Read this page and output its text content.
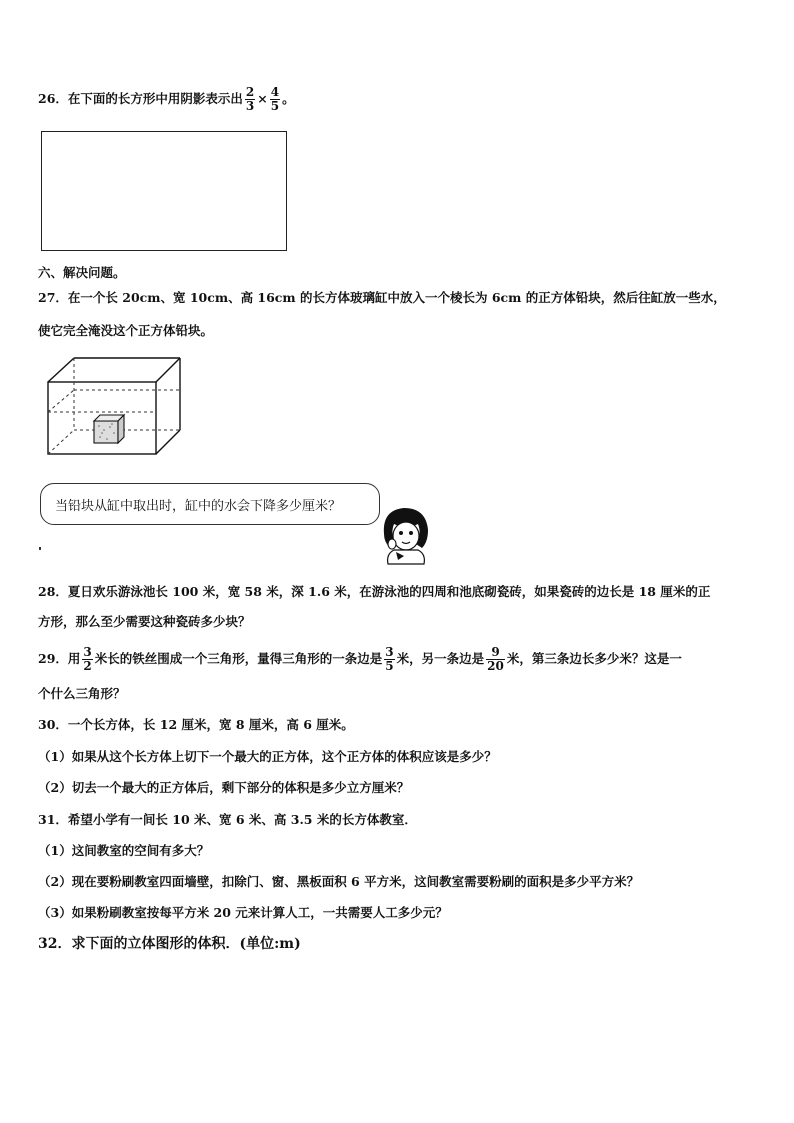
26．在下面的长方形中用阴影表示出 $\frac{2}{3} \times \frac{4}{5}$ 。
六、解决问题。
27．在一个长 20cm、宽 10cm、高 16cm 的长方体玻璃缸中放入一个棱长为 6cm 的正方体铅块，然后往缸放一些水，
使它完全淹没这个正方体铅块。
当铅块从缸中取出时，缸中的水会下降多少厘米？
28．夏日欢乐游泳池长 100 米，宽 58 米，深 1.6 米，在游泳池的四周和池底砌瓷砖，如果瓷砖的边长是 18 厘米的正
方形，那么至少需要这种瓷砖多少块？
29．用 $\frac{3}{2}$ 米长的铁丝围成一个三角形，量得三角形的一条边是 $\frac{3}{5}$ 米，另一条边是 $\frac{9}{20}$ 米，第三条边长多少米？这是一
个什么三角形？
30．一个长方体，长 12 厘米，宽 8 厘米，高 6 厘米。
（1）如果从这个长方体上切下一个最大的正方体，这个正方体的体积应该是多少？
（2）切去一个最大的正方体后，剩下部分的体积是多少立方厘米？
31．希望小学有一间长 10 米、宽 6 米、高 3.5 米的长方体教室．
（1）这间教室的空间有多大？
（2）现在要粉刷教室四面墙壁，扣除门、窗、黑板面积 6 平方米，这间教室需要粉刷的面积是多少平方米？
（3）如果粉刷教室按每平方米 20 元来计算人工，一共需要人工多少元？
32．求下面的立体图形的体积．(单位:m)
